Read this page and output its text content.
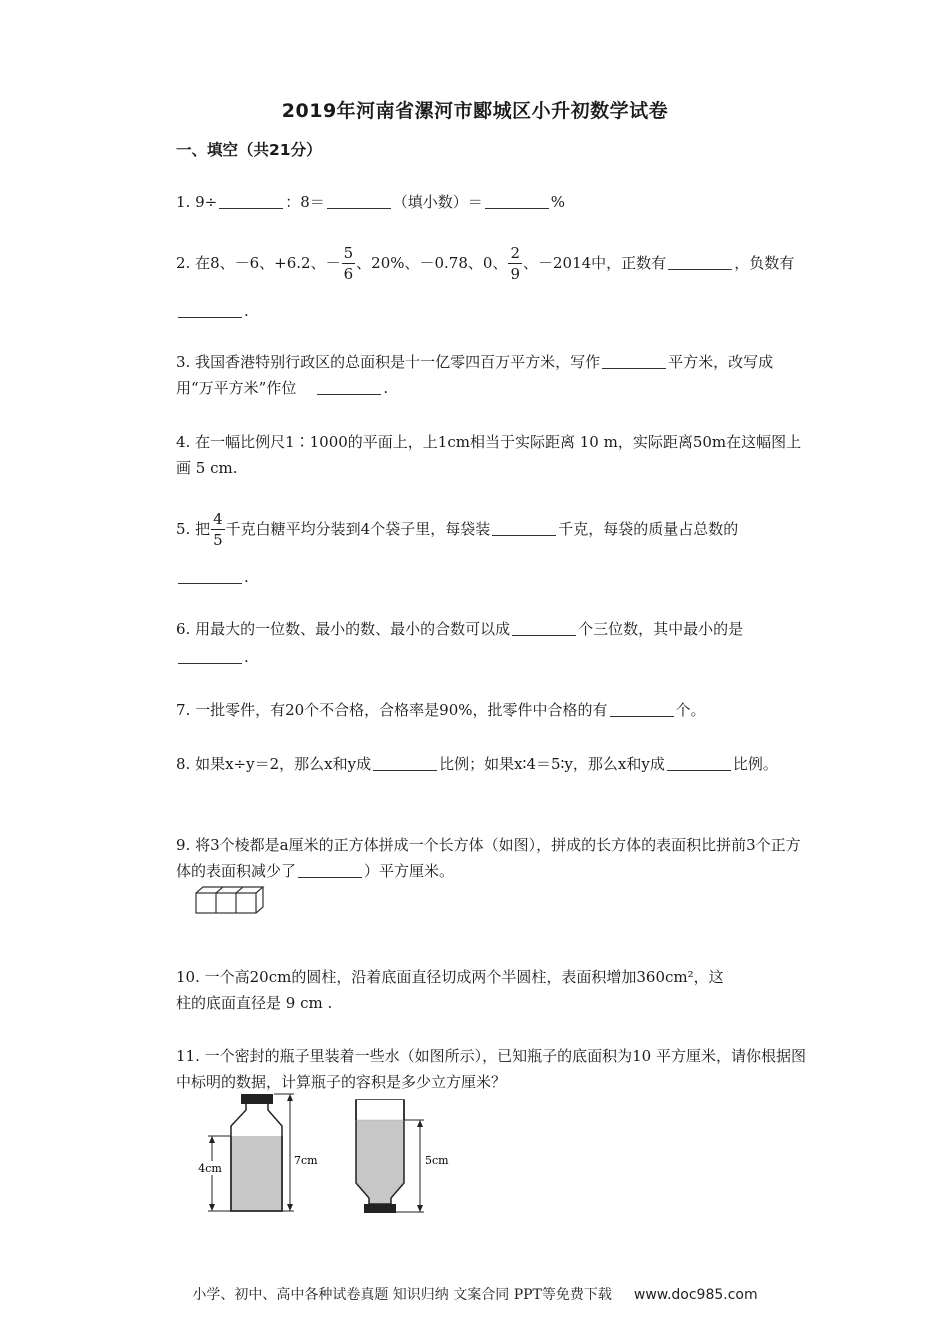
2019年河南省漯河市郾城区小升初数学试卷
一、填空（共21分）
1. 9÷	：8＝	（填小数）＝	%
2. 在8、－6、+6.2、－ $\frac{5}{6}$ 、20%、－0.78、0、 $\frac{2}{9}$ 、－2014中，正数有	，负数有
.
3. 我国香港特别行政区的总面积是十一亿零四百万平方米，写作	平方米，改写成用“万平方米”作位	.
4. 在一幅比例尺1∶1000的平面上，上1cm相当于实际距离 10 m，实际距离50m在这幅图上画 5 cm.
5. 把 $\frac{4}{5}$ 千克白糖平均分装到4个袋子里，每袋装	千克，每袋的质量占总数的
.
6. 用最大的一位数、最小的数、最小的合数可以成	个三位数，其中最小的是
.
7. 一批零件，有20个不合格，合格率是90%，批零件中合格的有	个。
8. 如果x÷y＝2，那么x和y成	比例；如果x∶4＝5∶y，那么x和y成	比例。
9. 将3个棱都是a厘米的正方体拼成一个长方体（如图），拼成的长方体的表面积比拼前3个正方体的表面积减少了	）平方厘米。
10. 一个高20cm的圆柱，沿着底面直径切成两个半圆柱，表面积增加360cm²，这
柱的底面直径是 9 cm .
11. 一个密封的瓶子里装着一些水（如图所示），已知瓶子的底面积为10 平方厘米，请你根据图中标明的数据，计算瓶子的容积是多少立方厘米？
4cm
7cm	5cm
小学、初中、高中各种试卷真题 知识归纳 文案合同 PPT等免费下载 www.doc985.com
